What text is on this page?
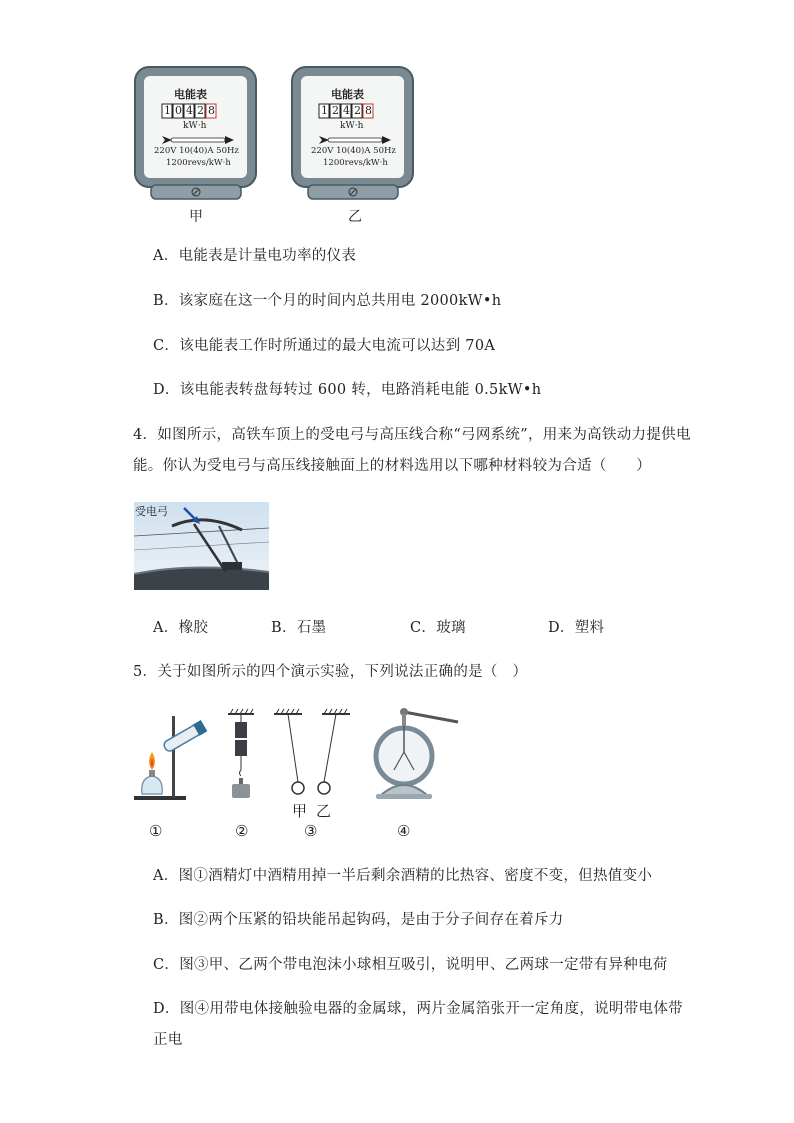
电能表
1 0 4 2 8
kW·h
220V 10(40)A 50Hz
1200revs/kW·h
甲
电能表
1 2 4 2 8
kW·h
220V 10(40)A 50Hz
1200revs/kW·h
乙
A．电能表是计量电功率的仪表
B．该家庭在这一个月的时间内总共用电 2000kW•h
C．该电能表工作时所通过的最大电流可以达到 70A
D．该电能表转盘每转过 600 转，电路消耗电能 0.5kW•h
4．如图所示，高铁车顶上的受电弓与高压线合称“弓网系统”，用来为高铁动力提供电
能。你认为受电弓与高压线接触面上的材料选用以下哪种材料较为合适（　　）
受电弓
A．橡胶	B．石墨	C．玻璃	D．塑料
5．关于如图所示的四个演示实验，下列说法正确的是（　）
甲 乙
①	②	③	④
A．图①酒精灯中酒精用掉一半后剩余酒精的比热容、密度不变，但热值变小
B．图②两个压紧的铅块能吊起钩码，是由于分子间存在着斥力
C．图③甲、乙两个带电泡沫小球相互吸引，说明甲、乙两球一定带有异种电荷
D．图④用带电体接触验电器的金属球，两片金属箔张开一定角度，说明带电体带
正电
